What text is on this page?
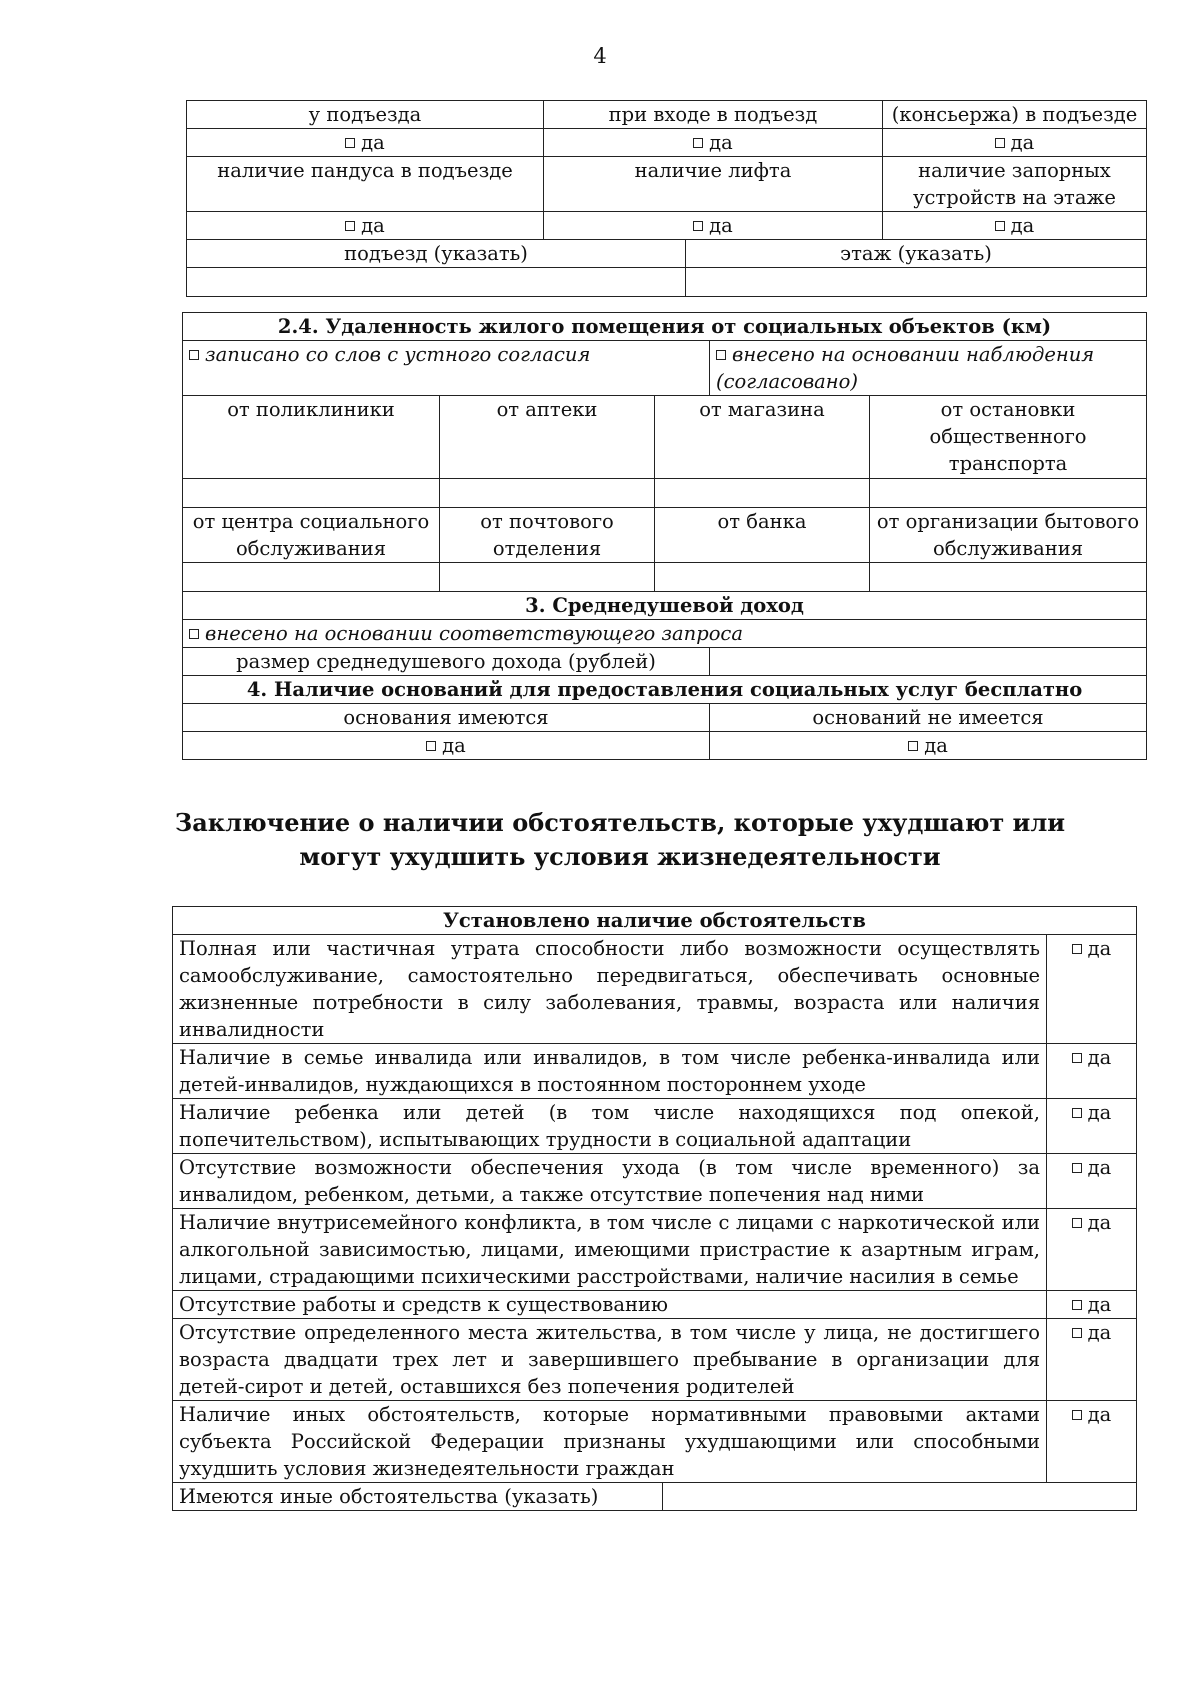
4
у подъезда	при входе в подъезд		(консьержа) в подъезде
да	да		да
наличие пандуса в подъезде	наличие лифта		наличие запорных устройств на этаже
да	да		да
подъезд (указать)		этаж (указать)	

2.4. Удаленность жилого помещения от социальных объектов (км)				
записано со слов с устного согласия			внесено на основании наблюдения (согласовано)	
от поликлиники	от аптеки	от магазина		от остановки общественного транспорта

от центра социального обслуживания	от почтового отделения	от банка		от организации бытового обслуживания

3. Среднедушевой доход				
внесено на основании соответствующего запроса				
размер среднедушевого дохода (рублей)				
4. Наличие оснований для предоставления социальных услуг бесплатно				
основания имеются			оснований не имеется	
да			да	
Заключение о наличии обстоятельств, которые ухудшают или могут ухудшить условия жизнедеятельности
Установлено наличие обстоятельств		
Полная или частичная утрата способности либо возможности осуществлять самообслуживание, самостоятельно передвигаться, обеспечивать основные жизненные потребности в силу заболевания, травмы, возраста или наличия инвалидности		да
Наличие в семье инвалида или инвалидов, в том числе ребенка-инвалида или детей-инвалидов, нуждающихся в постоянном постороннем уходе		да
Наличие ребенка или детей (в том числе находящихся под опекой, попечительством), испытывающих трудности в социальной адаптации		да
Отсутствие возможности обеспечения ухода (в том числе временного) за инвалидом, ребенком, детьми, а также отсутствие попечения над ними		да
Наличие внутрисемейного конфликта, в том числе с лицами с наркотической или алкогольной зависимостью, лицами, имеющими пристрастие к азартным играм, лицами, страдающими психическими расстройствами, наличие насилия в семье		да
Отсутствие работы и средств к существованию		да
Отсутствие определенного места жительства, в том числе у лица, не достигшего возраста двадцати трех лет и завершившего пребывание в организации для детей-сирот и детей, оставшихся без попечения родителей		да
Наличие иных обстоятельств, которые нормативными правовыми актами субъекта Российской Федерации признаны ухудшающими или способными ухудшить условия жизнедеятельности граждан		да
Имеются иные обстоятельства (указать)		
